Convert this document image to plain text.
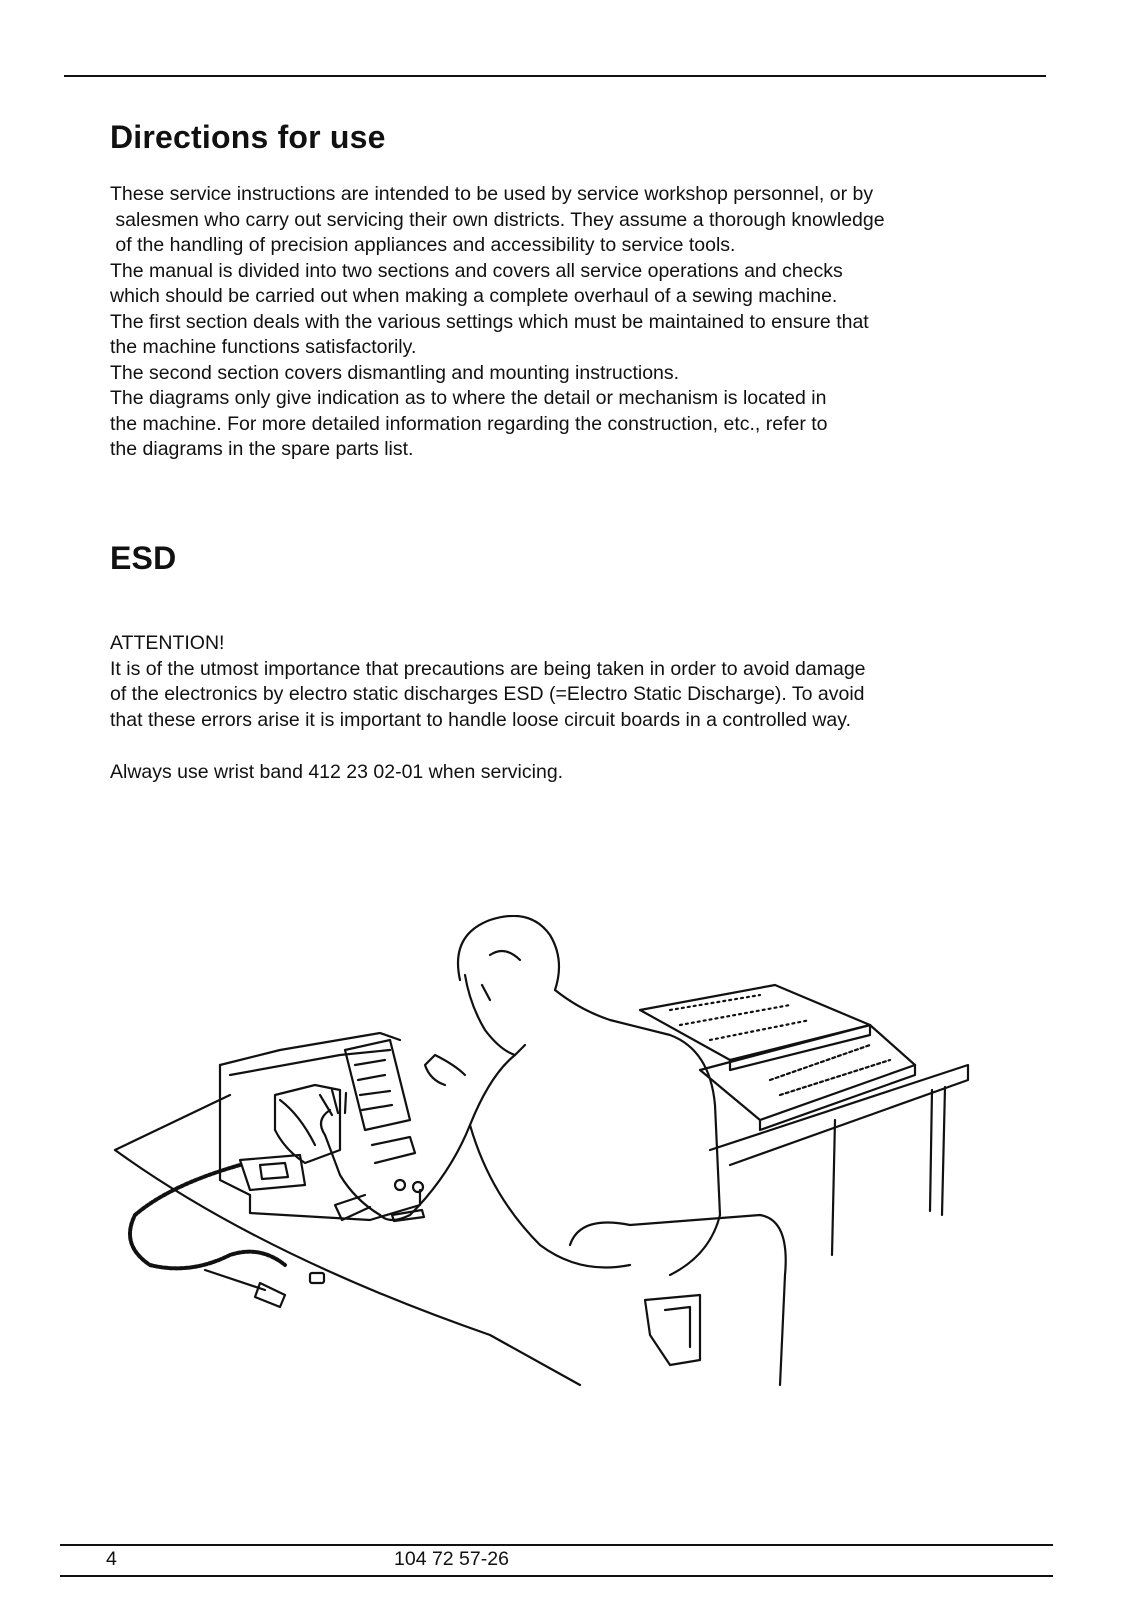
Directions for use
These service instructions are intended to be used by service workshop personnel, or by
salesmen who carry out servicing their own districts. They assume a thorough knowledge
of the handling of precision appliances and accessibility to service tools.
The manual is divided into two sections and covers all service operations and checks
which should be carried out when making a complete overhaul of a sewing machine.
The first section deals with the various settings which must be maintained to ensure that
the machine functions satisfactorily.
The second section covers dismantling and mounting instructions.
The diagrams only give indication as to where the detail or mechanism is located in
the machine. For more detailed information regarding the construction, etc., refer to
the diagrams in the spare parts list.
ESD
ATTENTION!
It is of the utmost importance that precautions are being taken in order to avoid damage
of the electronics by electro static discharges ESD (=Electro Static Discharge). To avoid
that these errors arise it is important to handle loose circuit boards in a controlled way.
Always use wrist band 412 23 02-01 when servicing.
4	104 72 57-26
